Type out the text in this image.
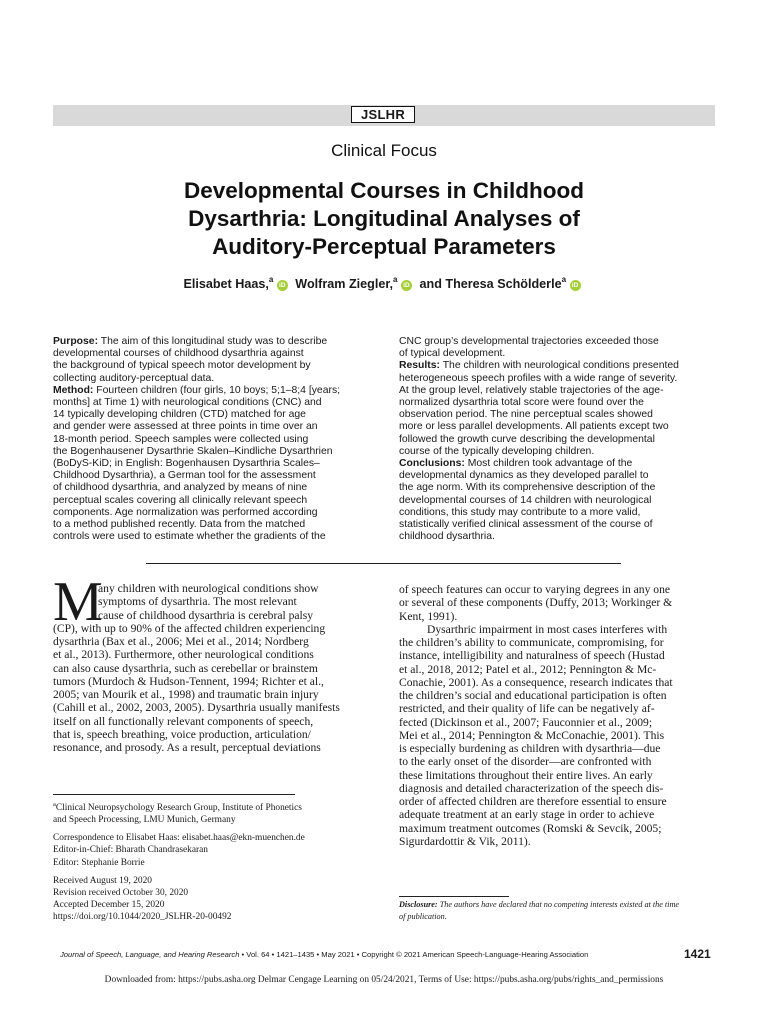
JSLHR
Clinical Focus
Developmental Courses in Childhood
Dysarthria: Longitudinal Analyses of
Auditory-Perceptual Parameters
Elisabet Haas,$^a$ iD Wolfram Ziegler,$^a$ iD and Theresa Schölderle$^a$ iD
Purpose: The aim of this longitudinal study was to describe
developmental courses of childhood dysarthria against
the background of typical speech motor development by
collecting auditory-perceptual data.
Method: Fourteen children (four girls, 10 boys; 5;1–8;4 [years;
months] at Time 1) with neurological conditions (CNC) and
14 typically developing children (CTD) matched for age
and gender were assessed at three points in time over an
18-month period. Speech samples were collected using
the Bogenhausener Dysarthrie Skalen–Kindliche Dysarthrien
(BoDyS-KiD; in English: Bogenhausen Dysarthria Scales–
Childhood Dysarthria), a German tool for the assessment
of childhood dysarthria, and analyzed by means of nine
perceptual scales covering all clinically relevant speech
components. Age normalization was performed according
to a method published recently. Data from the matched
controls were used to estimate whether the gradients of the
CNC group’s developmental trajectories exceeded those
of typical development.
Results: The children with neurological conditions presented
heterogeneous speech profiles with a wide range of severity.
At the group level, relatively stable trajectories of the age-
normalized dysarthria total score were found over the
observation period. The nine perceptual scales showed
more or less parallel developments. All patients except two
followed the growth curve describing the developmental
course of the typically developing children.
Conclusions: Most children took advantage of the
developmental dynamics as they developed parallel to
the age norm. With its comprehensive description of the
developmental courses of 14 children with neurological
conditions, this study may contribute to a more valid,
statistically verified clinical assessment of the course of
childhood dysarthria.
M
any children with neurological conditions show
symptoms of dysarthria. The most relevant
cause of childhood dysarthria is cerebral palsy
(CP), with up to 90% of the affected children experiencing
dysarthria (Bax et al., 2006; Mei et al., 2014; Nordberg
et al., 2013). Furthermore, other neurological conditions
can also cause dysarthria, such as cerebellar or brainstem
tumors (Murdoch & Hudson-Tennent, 1994; Richter et al.,
2005; van Mourik et al., 1998) and traumatic brain injury
(Cahill et al., 2002, 2003, 2005). Dysarthria usually manifests
itself on all functionally relevant components of speech,
that is, speech breathing, voice production, articulation/
resonance, and prosody. As a result, perceptual deviations
of speech features can occur to varying degrees in any one
or several of these components (Duffy, 2013; Workinger &
Kent, 1991).
Dysarthric impairment in most cases interferes with
the children’s ability to communicate, compromising, for
instance, intelligibility and naturalness of speech (Hustad
et al., 2018, 2012; Patel et al., 2012; Pennington & Mc-
Conachie, 2001). As a consequence, research indicates that
the children’s social and educational participation is often
restricted, and their quality of life can be negatively af-
fected (Dickinson et al., 2007; Fauconnier et al., 2009;
Mei et al., 2014; Pennington & McConachie, 2001). This
is especially burdening as children with dysarthria—due
to the early onset of the disorder—are confronted with
these limitations throughout their entire lives. An early
diagnosis and detailed characterization of the speech dis-
order of affected children are therefore essential to ensure
adequate treatment at an early stage in order to achieve
maximum treatment outcomes (Romski & Sevcik, 2005;
Sigurdardottir & Vik, 2011).
$^a$Clinical Neuropsychology Research Group, Institute of Phonetics
and Speech Processing, LMU Munich, Germany
Correspondence to Elisabet Haas: elisabet.haas@ekn-muenchen.de
Editor-in-Chief: Bharath Chandrasekaran
Editor: Stephanie Borrie
Received August 19, 2020
Revision received October 30, 2020
Accepted December 15, 2020
https://doi.org/10.1044/2020_JSLHR-20-00492
Disclosure: The authors have declared that no competing interests existed at the time
of publication.
Journal of Speech, Language, and Hearing Research • Vol. 64 • 1421–1435 • May 2021 • Copyright © 2021 American Speech-Language-Hearing Association	1421
Downloaded from: https://pubs.asha.org Delmar Cengage Learning on 05/24/2021, Terms of Use: https://pubs.asha.org/pubs/rights_and_permissions
